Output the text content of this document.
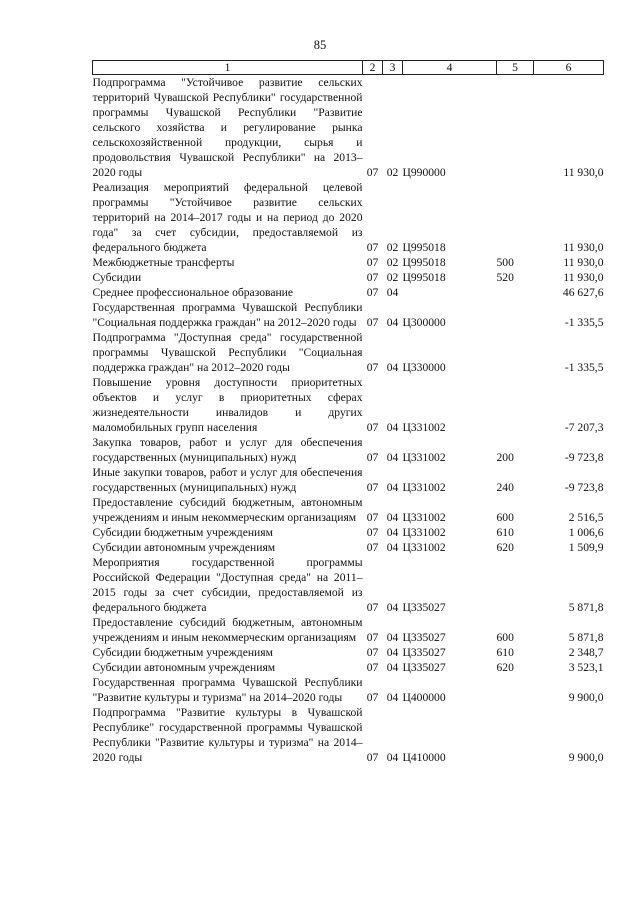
85
1	2	3	4	5	6
Подпрограмма "Устойчивое развитие сельских территорий Чувашской Республики" государственной программы Чувашской Республики "Развитие сельского хозяйства и регулирование рынка сельскохозяйственной продукции, сырья и продовольствия Чувашской Республики" на 2013–2020 годы	07	02	Ц990000		11 930,0
Реализация мероприятий федеральной целевой программы "Устойчивое развитие сельских территорий на 2014–2017 годы и на период до 2020 года" за счет субсидии, предоставляемой из федерального бюджета	07	02	Ц995018		11 930,0
Межбюджетные трансферты	07	02	Ц995018	500	11 930,0
Субсидии	07	02	Ц995018	520	11 930,0
Среднее профессиональное образование	07	04			46 627,6
Государственная программа Чувашской Республики "Социальная поддержка граждан" на 2012–2020 годы	07	04	Ц300000		-1 335,5
Подпрограмма "Доступная среда" государственной программы Чувашской Республики "Социальная поддержка граждан" на 2012–2020 годы	07	04	Ц330000		-1 335,5
Повышение уровня доступности приоритетных объектов и услуг в приоритетных сферах жизнедеятельности инвалидов и других маломобильных групп населения	07	04	Ц331002		-7 207,3
Закупка товаров, работ и услуг для обеспечения государственных (муниципальных) нужд	07	04	Ц331002	200	-9 723,8
Иные закупки товаров, работ и услуг для обеспечения государственных (муниципальных) нужд	07	04	Ц331002	240	-9 723,8
Предоставление субсидий бюджетным, автономным учреждениям и иным некоммерческим организациям	07	04	Ц331002	600	2 516,5
Субсидии бюджетным учреждениям	07	04	Ц331002	610	1 006,6
Субсидии автономным учреждениям	07	04	Ц331002	620	1 509,9
Мероприятия государственной программы Российской Федерации "Доступная среда" на 2011–2015 годы за счет субсидии, предоставляемой из федерального бюджета	07	04	Ц335027		5 871,8
Предоставление субсидий бюджетным, автономным учреждениям и иным некоммерческим организациям	07	04	Ц335027	600	5 871,8
Субсидии бюджетным учреждениям	07	04	Ц335027	610	2 348,7
Субсидии автономным учреждениям	07	04	Ц335027	620	3 523,1
Государственная программа Чувашской Республики "Развитие культуры и туризма" на 2014–2020 годы	07	04	Ц400000		9 900,0
Подпрограмма "Развитие культуры в Чувашской Республике" государственной программы Чувашской Республики "Развитие культуры и туризма" на 2014–2020 годы	07	04	Ц410000		9 900,0
